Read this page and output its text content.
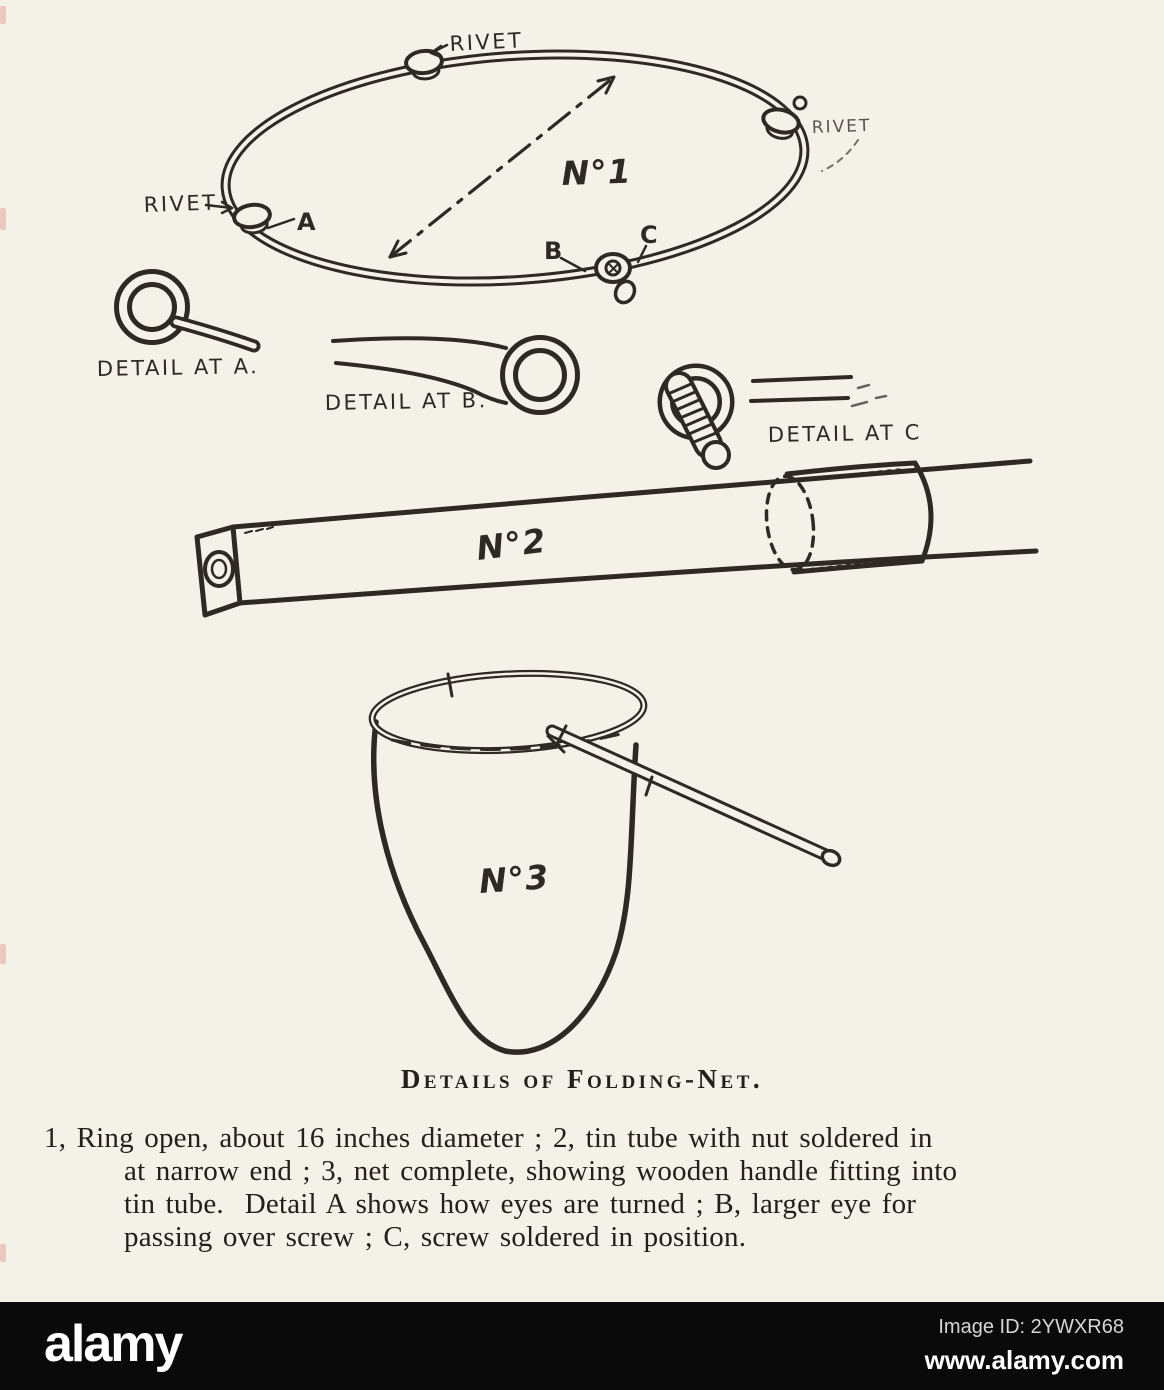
RIVET
RIVET
RIVET
A
B
C
N°1
DETAIL AT A.
DETAIL AT B.
DETAIL AT C
N°2
N°3
Details of Folding-Net.
1, Ring open, about 16 inches diameter ; 2, tin tube with nut soldered in
at narrow end ; 3, net complete, showing wooden handle fitting into
tin tube.  Detail A shows how eyes are turned ; B, larger eye for
passing over screw ; C, screw soldered in position.
alamy	Image ID: 2YWXR68
www.alamy.com
